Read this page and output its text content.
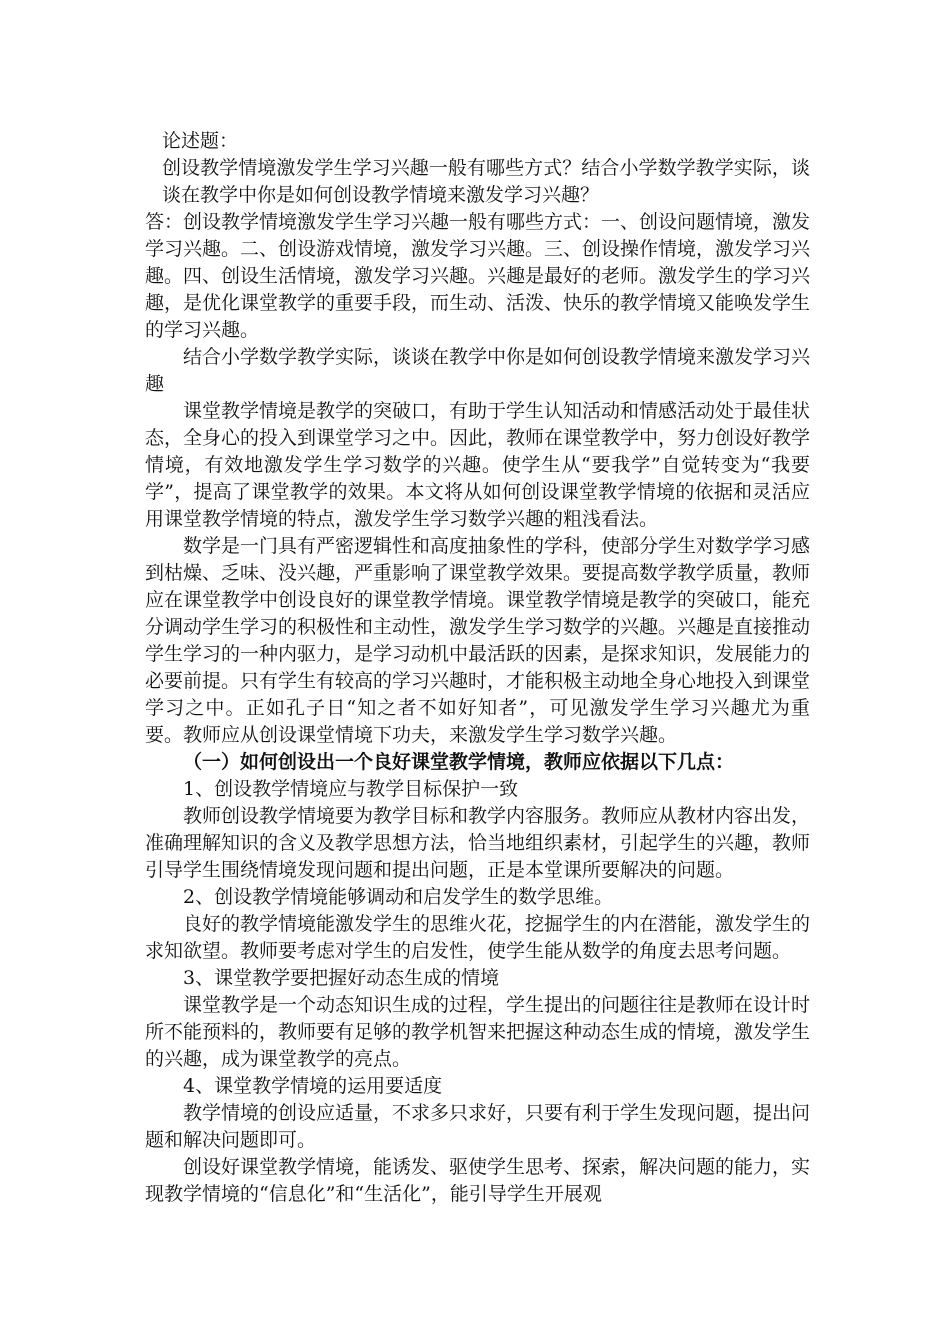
论述题：

创设教学情境激发学生学习兴趣一般有哪些方式？结合小学数学教学实际，谈谈在教学中你是如何创设教学情境来激发学习兴趣？

答：创设教学情境激发学生学习兴趣一般有哪些方式：一、创设问题情境，激发学习兴趣。二、创设游戏情境，激发学习兴趣。三、创设操作情境，激发学习兴趣。四、创设生活情境，激发学习兴趣。兴趣是最好的老师。激发学生的学习兴趣，是优化课堂教学的重要手段，而生动、活泼、快乐的教学情境又能唤发学生的学习兴趣。

结合小学数学教学实际，谈谈在教学中你是如何创设教学情境来激发学习兴趣

课堂教学情境是教学的突破口，有助于学生认知活动和情感活动处于最佳状态，全身心的投入到课堂学习之中。因此，教师在课堂教学中，努力创设好教学情境，有效地激发学生学习数学的兴趣。使学生从“要我学”自觉转变为“我要学”，提高了课堂教学的效果。本文将从如何创设课堂教学情境的依据和灵活应用课堂教学情境的特点，激发学生学习数学兴趣的粗浅看法。

数学是一门具有严密逻辑性和高度抽象性的学科，使部分学生对数学学习感到枯燥、乏味、没兴趣，严重影响了课堂教学效果。要提高数学教学质量，教师应在课堂教学中创设良好的课堂教学情境。课堂教学情境是教学的突破口，能充分调动学生学习的积极性和主动性，激发学生学习数学的兴趣。兴趣是直接推动学生学习的一种内驱力，是学习动机中最活跃的因素，是探求知识，发展能力的必要前提。只有学生有较高的学习兴趣时，才能积极主动地全身心地投入到课堂学习之中。正如孔子日“知之者不如好知者”，可见激发学生学习兴趣尤为重要。教师应从创设课堂情境下功夫，来激发学生学习数学兴趣。

（一）如何创设出一个良好课堂教学情境，教师应依据以下几点：

1、创设教学情境应与教学目标保护一致

教师创设教学情境要为教学目标和教学内容服务。教师应从教材内容出发，准确理解知识的含义及教学思想方法，恰当地组织素材，引起学生的兴趣，教师引导学生围绕情境发现问题和提出问题，正是本堂课所要解决的问题。

2、创设教学情境能够调动和启发学生的数学思维。

良好的教学情境能激发学生的思维火花，挖掘学生的内在潜能，激发学生的求知欲望。教师要考虑对学生的启发性，使学生能从数学的角度去思考问题。

3、课堂教学要把握好动态生成的情境

课堂教学是一个动态知识生成的过程，学生提出的问题往往是教师在设计时所不能预料的，教师要有足够的教学机智来把握这种动态生成的情境，激发学生的兴趣，成为课堂教学的亮点。

4、课堂教学情境的运用要适度

教学情境的创设应适量，不求多只求好，只要有利于学生发现问题，提出问题和解决问题即可。

创设好课堂教学情境，能诱发、驱使学生思考、探索，解决问题的能力，实现教学情境的“信息化”和“生活化”，能引导学生开展观
